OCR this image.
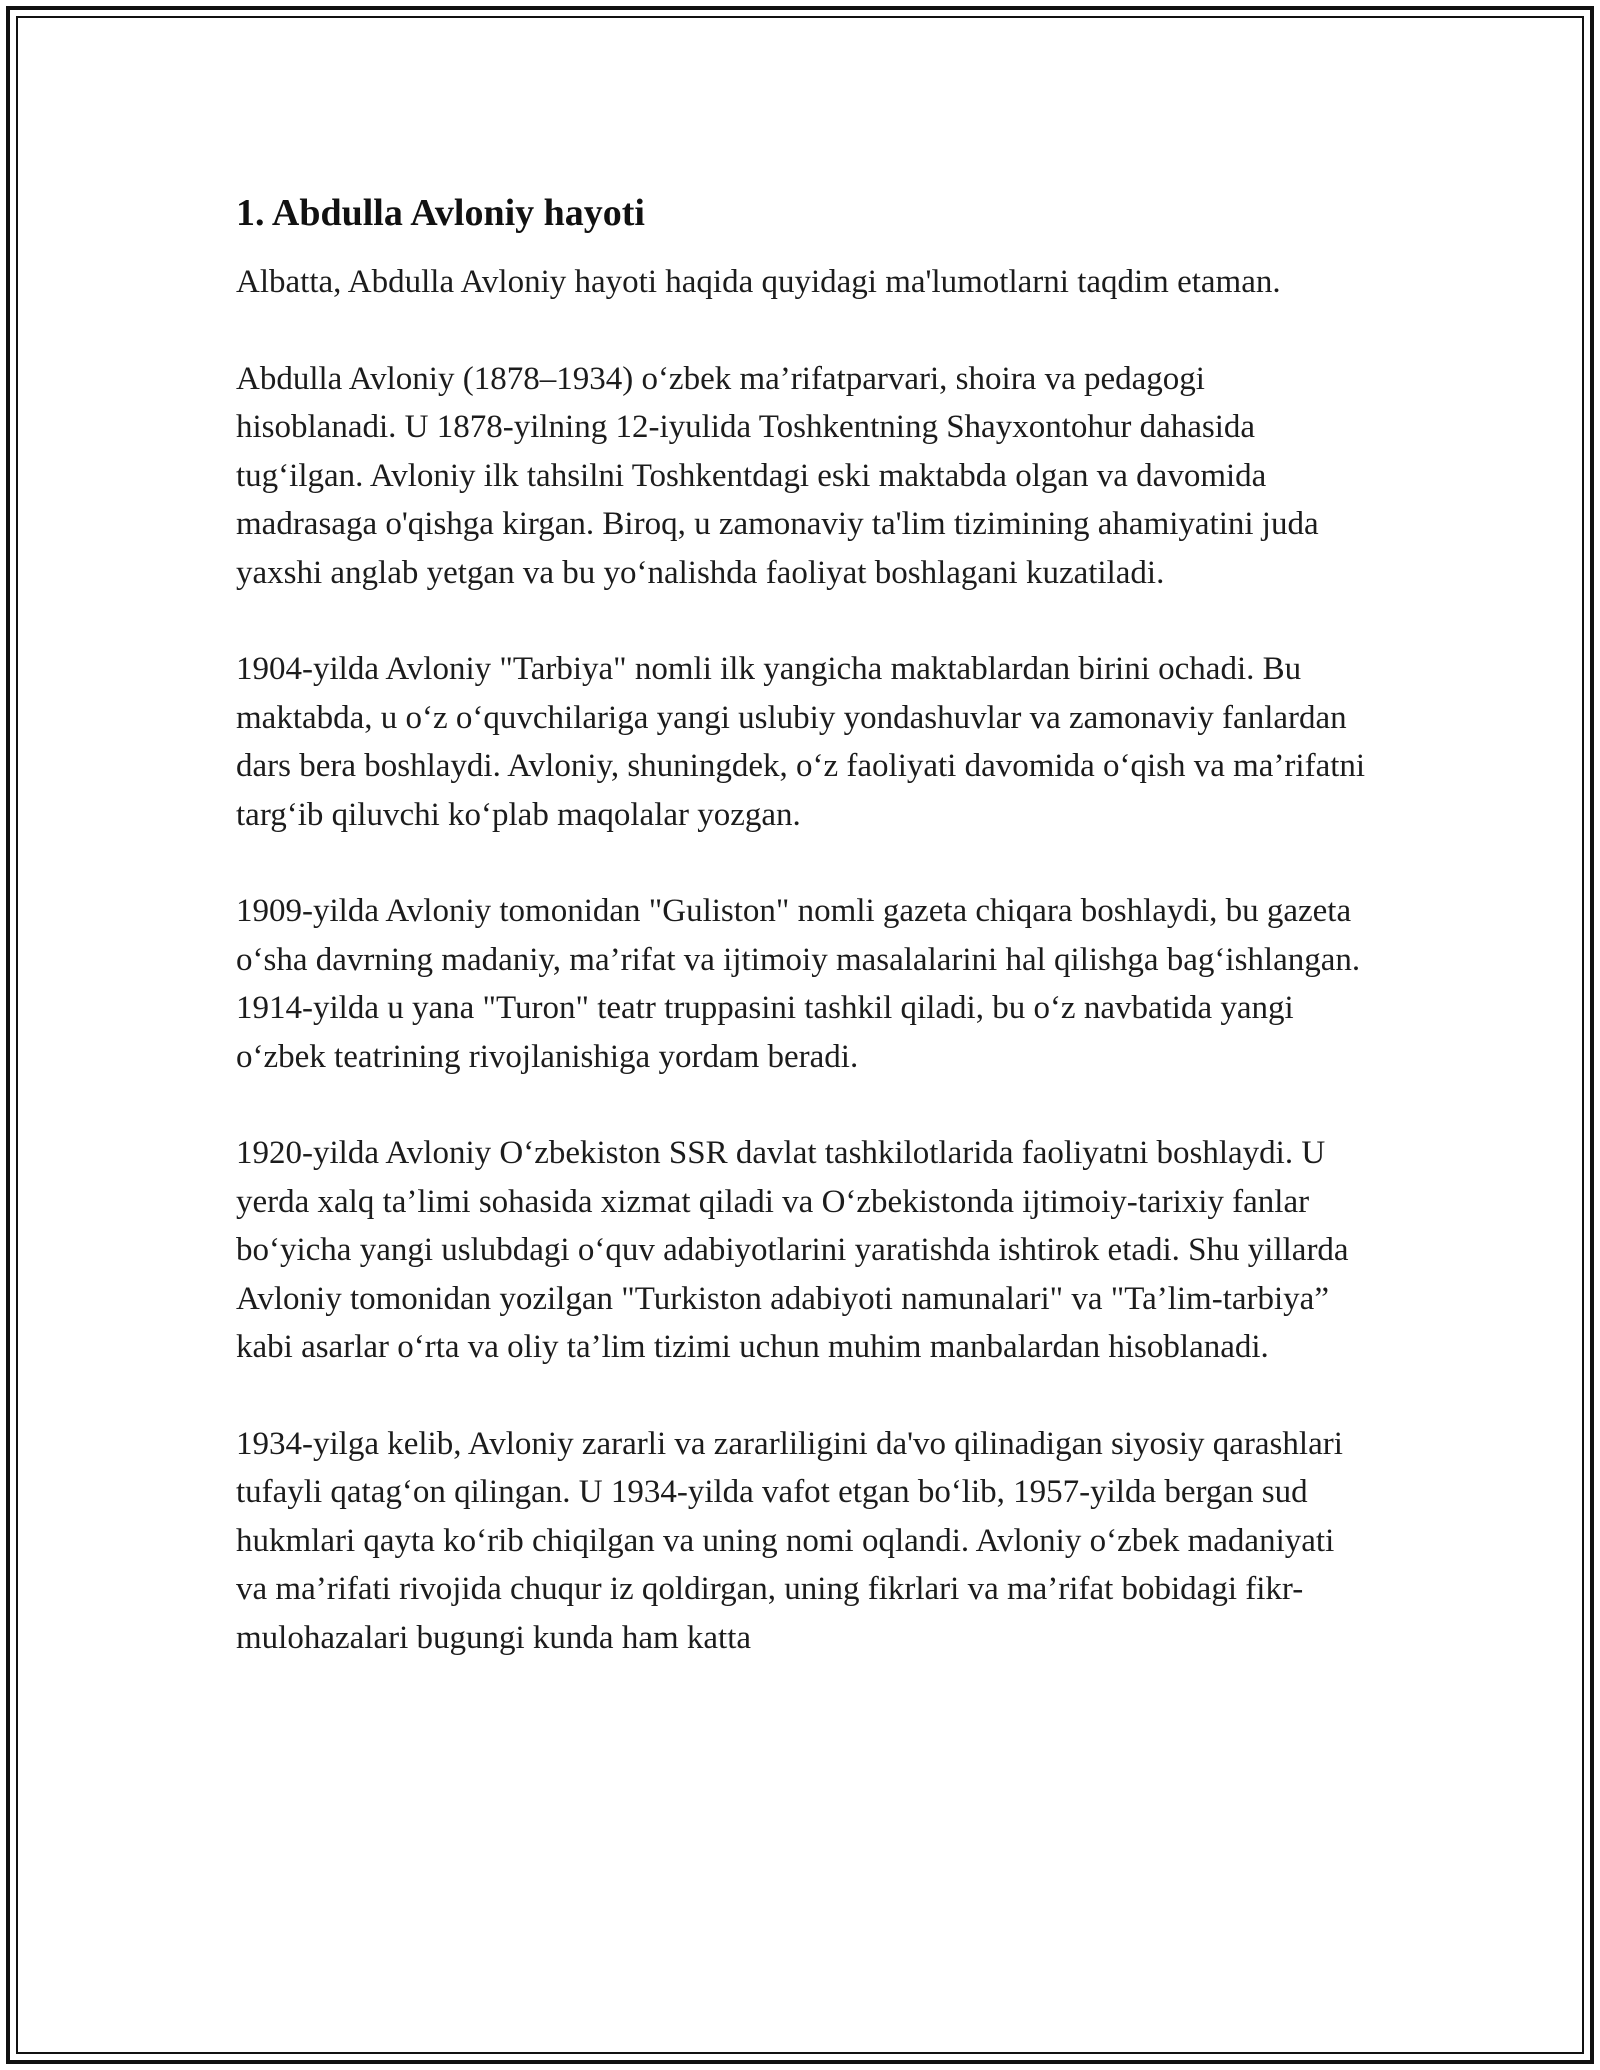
1. Abdulla Avloniy hayoti

Albatta, Abdulla Avloniy hayoti haqida quyidagi ma'lumotlarni taqdim etaman.

Abdulla Avloniy (1878–1934) o‘zbek ma’rifatparvari, shoira va pedagogi hisoblanadi. U 1878-yilning 12-iyulida Toshkentning Shayxontohur dahasida tug‘ilgan. Avloniy ilk tahsilni Toshkentdagi eski maktabda olgan va davomida madrasaga o'qishga kirgan. Biroq, u zamonaviy ta'lim tizimining ahamiyatini juda yaxshi anglab yetgan va bu yo‘nalishda faoliyat boshlagani kuzatiladi.

1904-yilda Avloniy "Tarbiya" nomli ilk yangicha maktablardan birini ochadi. Bu maktabda, u o‘z o‘quvchilariga yangi uslubiy yondashuvlar va zamonaviy fanlardan dars bera boshlaydi. Avloniy, shuningdek, o‘z faoliyati davomida o‘qish va ma’rifatni targ‘ib qiluvchi ko‘plab maqolalar yozgan.

1909-yilda Avloniy tomonidan "Guliston" nomli gazeta chiqara boshlaydi, bu gazeta o‘sha davrning madaniy, ma’rifat va ijtimoiy masalalarini hal qilishga bag‘ishlangan. 1914-yilda u yana "Turon" teatr truppasini tashkil qiladi, bu o‘z navbatida yangi o‘zbek teatrining rivojlanishiga yordam beradi.

1920-yilda Avloniy O‘zbekiston SSR davlat tashkilotlarida faoliyatni boshlaydi. U yerda xalq ta’limi sohasida xizmat qiladi va O‘zbekistonda ijtimoiy-tarixiy fanlar bo‘yicha yangi uslubdagi o‘quv adabiyotlarini yaratishda ishtirok etadi. Shu yillarda Avloniy tomonidan yozilgan "Turkiston adabiyoti namunalari" va "Ta’lim-tarbiya” kabi asarlar o‘rta va oliy ta’lim tizimi uchun muhim manbalardan hisoblanadi.

1934-yilga kelib, Avloniy zararli va zararliligini da'vo qilinadigan siyosiy qarashlari tufayli qatag‘on qilingan. U 1934-yilda vafot etgan bo‘lib, 1957-yilda bergan sud hukmlari qayta ko‘rib chiqilgan va uning nomi oqlandi. Avloniy o‘zbek madaniyati va ma’rifati rivojida chuqur iz qoldirgan, uning fikrlari va ma’rifat bobidagi fikr-mulohazalari bugungi kunda ham katta
